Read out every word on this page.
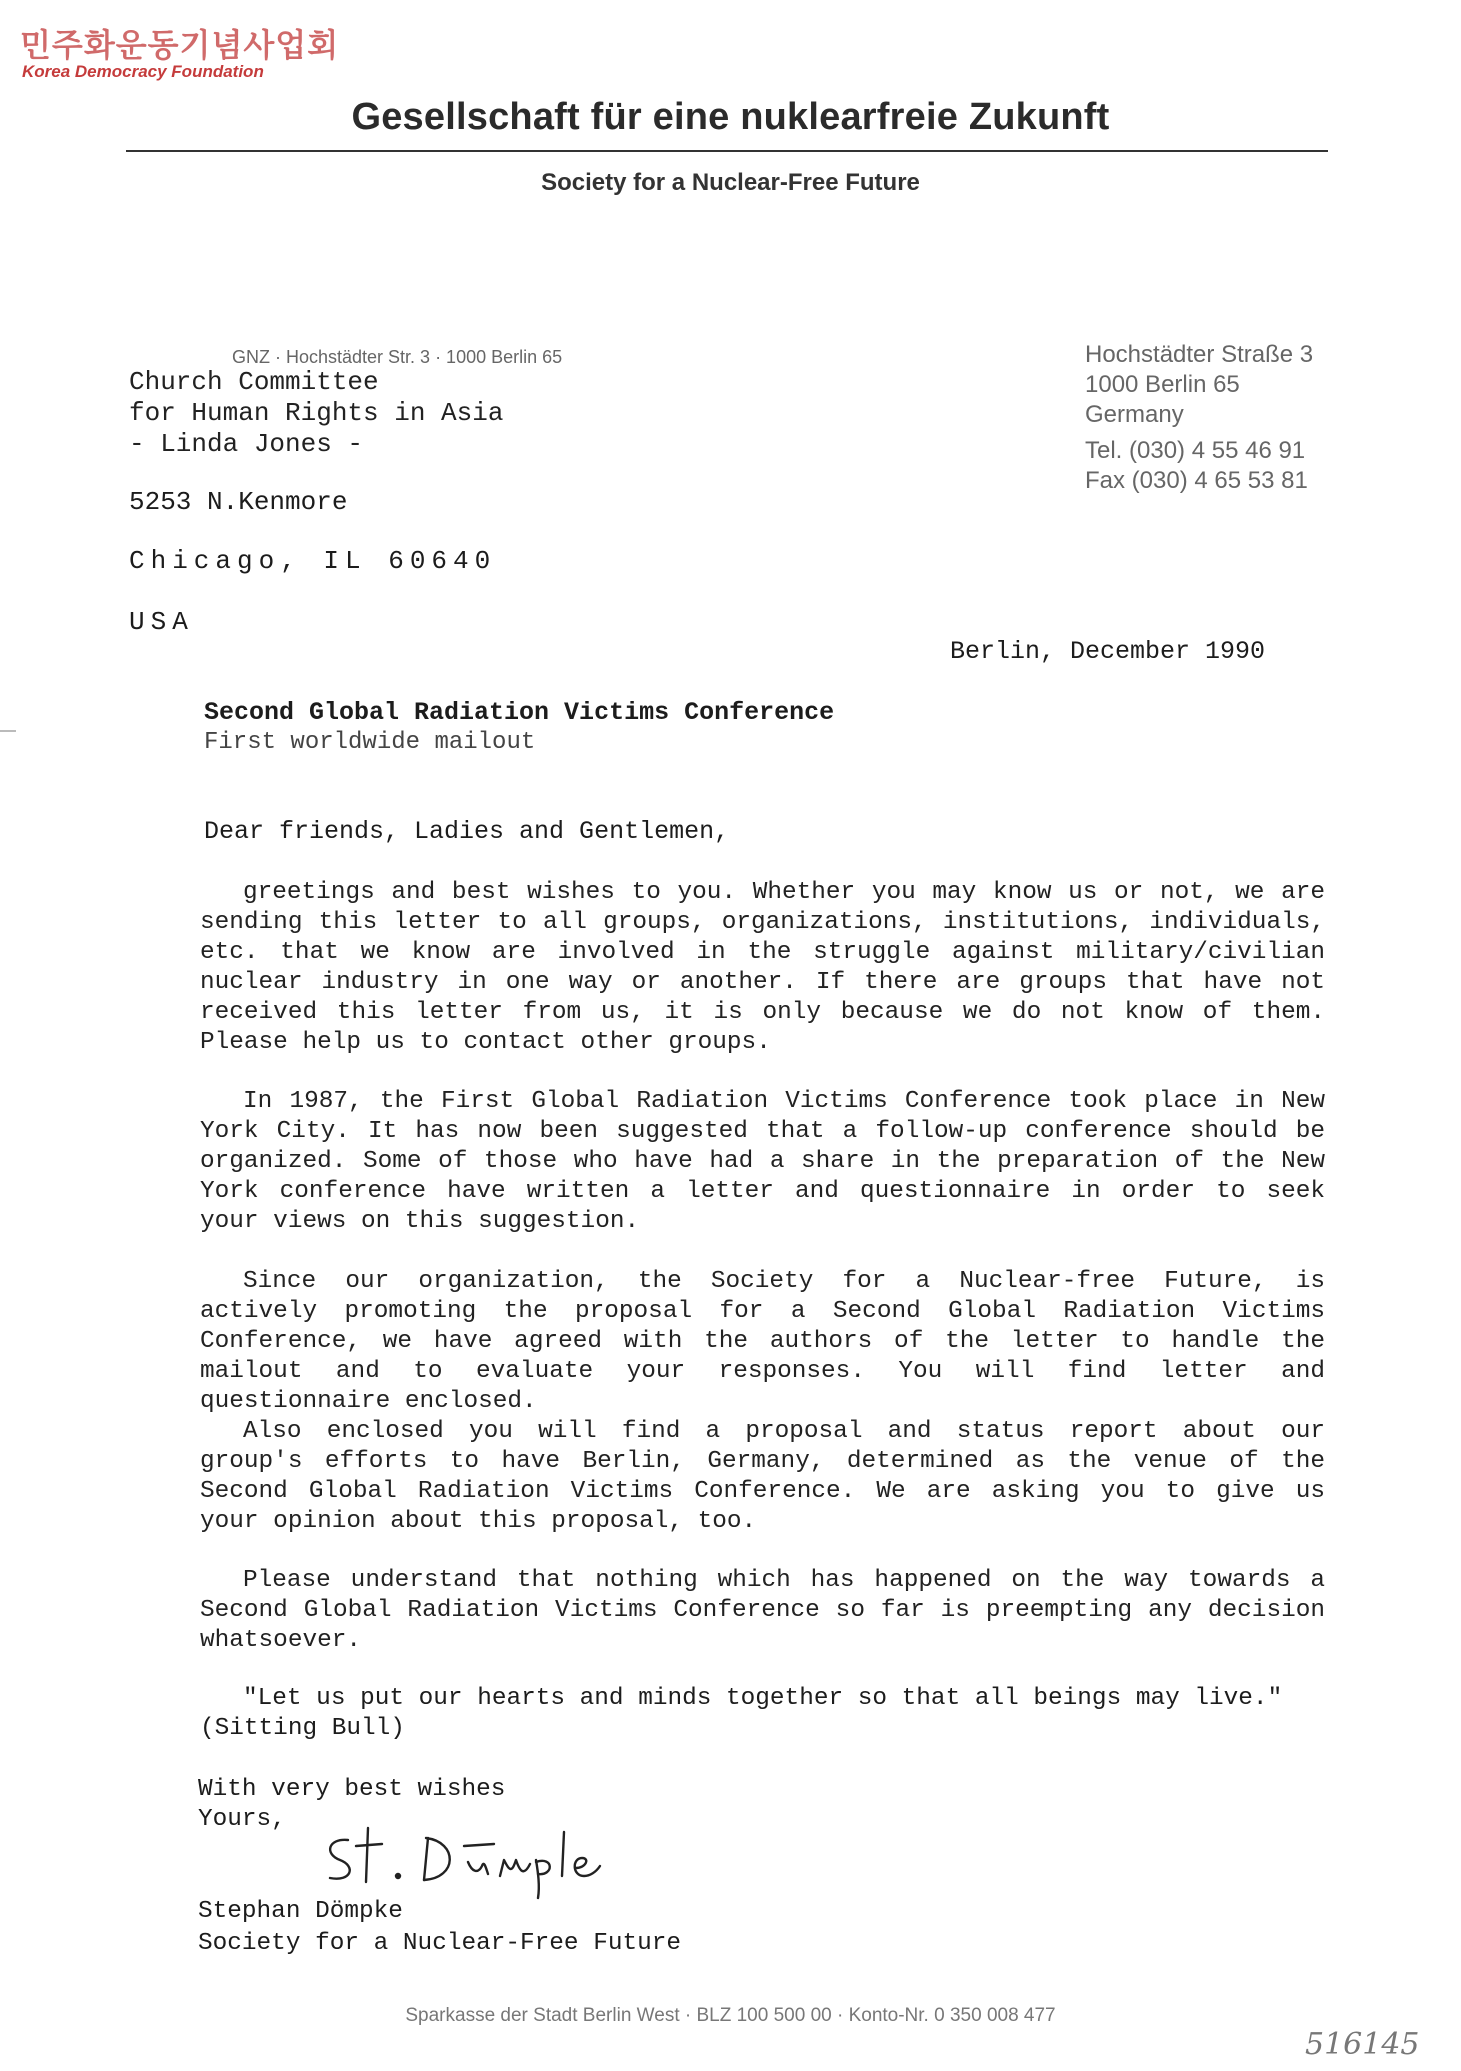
민주화운동기념사업회
Korea Democracy Foundation
Gesellschaft für eine nuklearfreie Zukunft
Society for a Nuclear-Free Future
GNZ · Hochstädter Str. 3 · 1000 Berlin 65
Church Committee
for Human Rights in Asia
- Linda Jones -
5253 N.Kenmore
Chicago, IL 60640
USA
Hochstädter Straße 3
1000 Berlin 65
Germany
Tel. (030) 4 55 46 91
Fax (030) 4 65 53 81
Berlin, December 1990
Second Global Radiation Victims Conference
First worldwide mailout
Dear friends, Ladies and Gentlemen,
greetings and best wishes to you. Whether you may know us or not, we are sending this letter to all groups, organizations, institutions, individuals, etc. that we know are involved in the struggle against military/civilian nuclear industry in one way or another. If there are groups that have not received this letter from us, it is only because we do not know of them. Please help us to contact other groups.
In 1987, the First Global Radiation Victims Conference took place in New York City. It has now been suggested that a follow-up conference should be organized. Some of those who have had a share in the preparation of the New York conference have written a letter and questionnaire in order to seek your views on this suggestion.
Since our organization, the Society for a Nuclear-free Future, is actively promoting the proposal for a Second Global Radiation Victims Conference, we have agreed with the authors of the letter to handle the mailout and to evaluate your responses. You will find letter and questionnaire enclosed.
Also enclosed you will find a proposal and status report about our group's efforts to have Berlin, Germany, determined as the venue of the Second Global Radiation Victims Conference. We are asking you to give us your opinion about this proposal, too.
Please understand that nothing which has happened on the way towards a Second Global Radiation Victims Conference so far is preempting any decision whatsoever.
"Let us put our hearts and minds together so that all beings may live."
(Sitting Bull)
With very best wishes
Yours,
Stephan Dömpke
Society for a Nuclear-Free Future
Sparkasse der Stadt Berlin West · BLZ 100 500 00 · Konto-Nr. 0 350 008 477
516145
